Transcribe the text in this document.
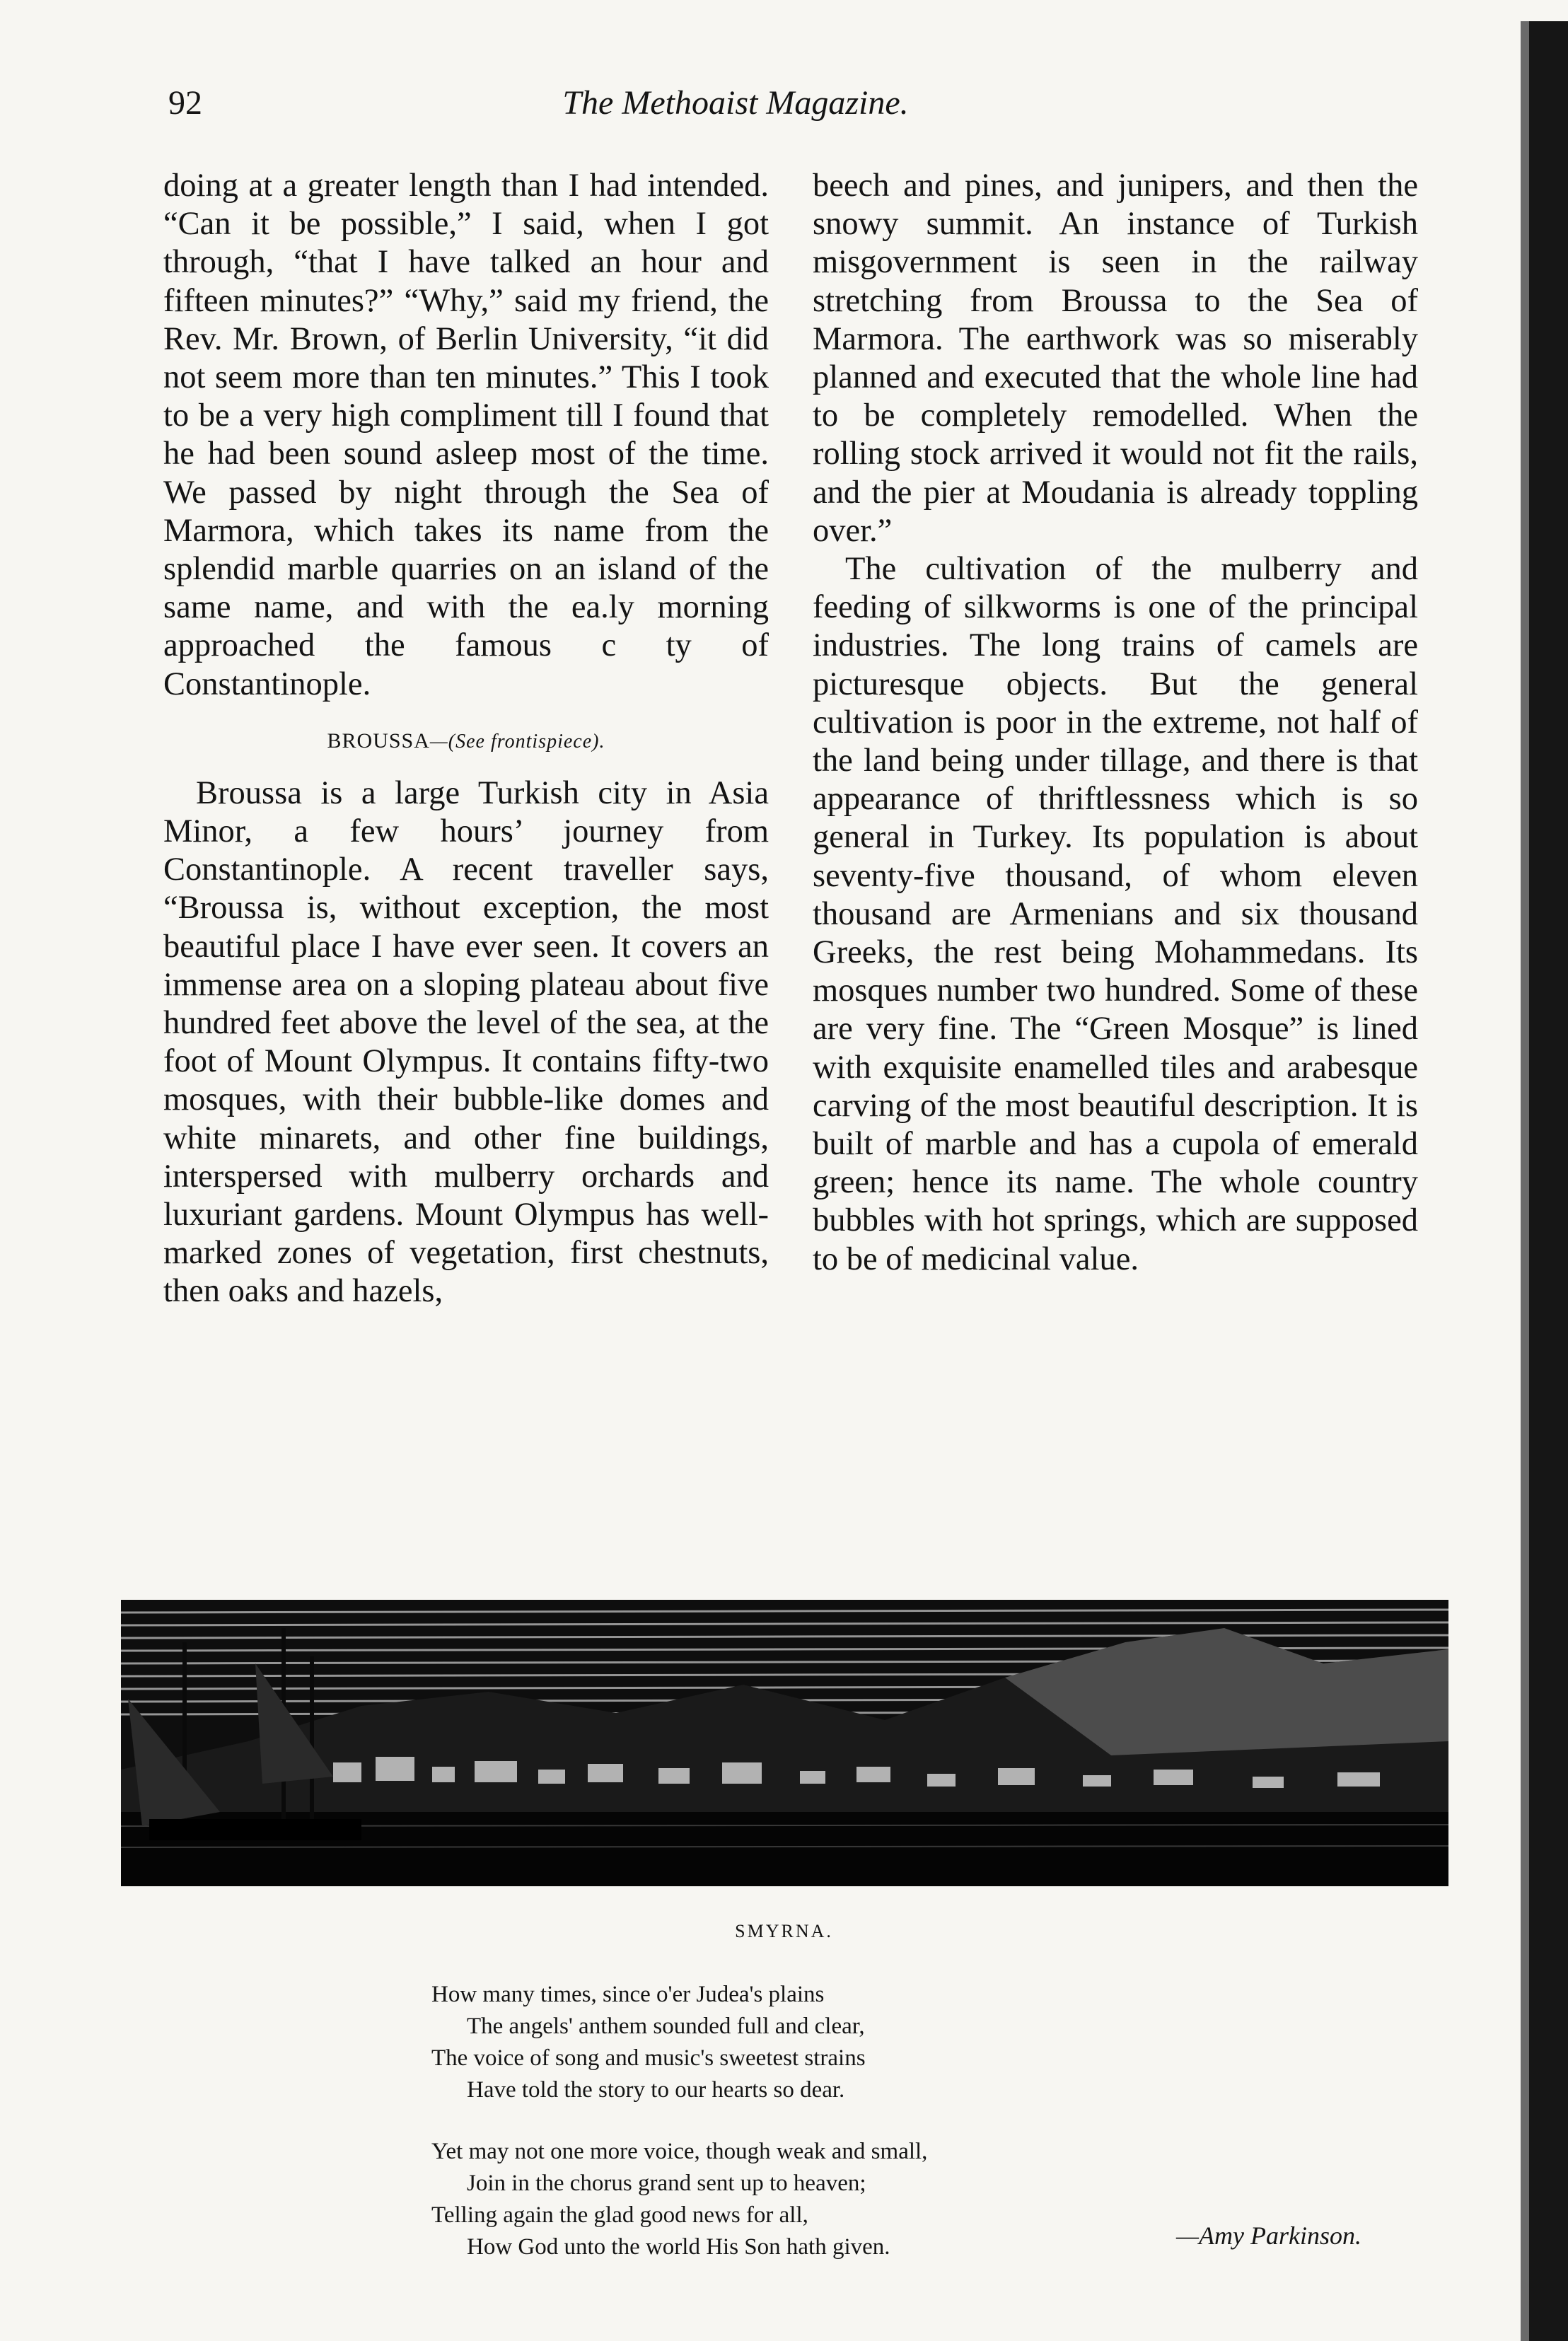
92	The Methoaist Magazine.

doing at a greater length than I had intended. “Can it be possible,” I said, when I got through, “that I have talked an hour and fifteen minutes?” “Why,” said my friend, the Rev. Mr. Brown, of Berlin University, “it did not seem more than ten minutes.” This I took to be a very high compliment till I found that he had been sound asleep most of the time. We passed by night through the Sea of Marmora, which takes its name from the splendid marble quarries on an island of the same name, and with the ea.ly morning approached the famous c ty of Constantinople.

BROUSSA—(See frontispiece).

Broussa is a large Turkish city in Asia Minor, a few hours’ journey from Constantinople. A recent traveller says, “Broussa is, without exception, the most beautiful place I have ever seen. It covers an immense area on a sloping plateau about five hundred feet above the level of the sea, at the foot of Mount Olympus. It contains fifty-two mosques, with their bubble-like domes and white minarets, and other fine buildings, interspersed with mulberry orchards and luxuriant gardens. Mount Olympus has well-marked zones of vegetation, first chestnuts, then oaks and hazels,

beech and pines, and junipers, and then the snowy summit. An instance of Turkish misgovernment is seen in the railway stretching from Broussa to the Sea of Marmora. The earthwork was so miserably planned and executed that the whole line had to be completely remodelled. When the rolling stock arrived it would not fit the rails, and the pier at Moudania is already toppling over.”

The cultivation of the mulberry and feeding of silkworms is one of the principal industries. The long trains of camels are picturesque objects. But the general cultivation is poor in the extreme, not half of the land being under tillage, and there is that appearance of thriftlessness which is so general in Turkey. Its population is about seventy-five thousand, of whom eleven thousand are Armenians and six thousand Greeks, the rest being Mohammedans. Its mosques number two hundred. Some of these are very fine. The “Green Mosque” is lined with exquisite enamelled tiles and arabesque carving of the most beautiful description. It is built of marble and has a cupola of emerald green; hence its name. The whole country bubbles with hot springs, which are supposed to be of medicinal value.

SMYRNA.
How many times, since o'er Judea's plains
The angels' anthem sounded full and clear,
The voice of song and music's sweetest strains
Have told the story to our hearts so dear.
Yet may not one more voice, though weak and small,
Join in the chorus grand sent up to heaven;
Telling again the glad good news for all,
How God unto the world His Son hath given.	—Amy Parkinson.
